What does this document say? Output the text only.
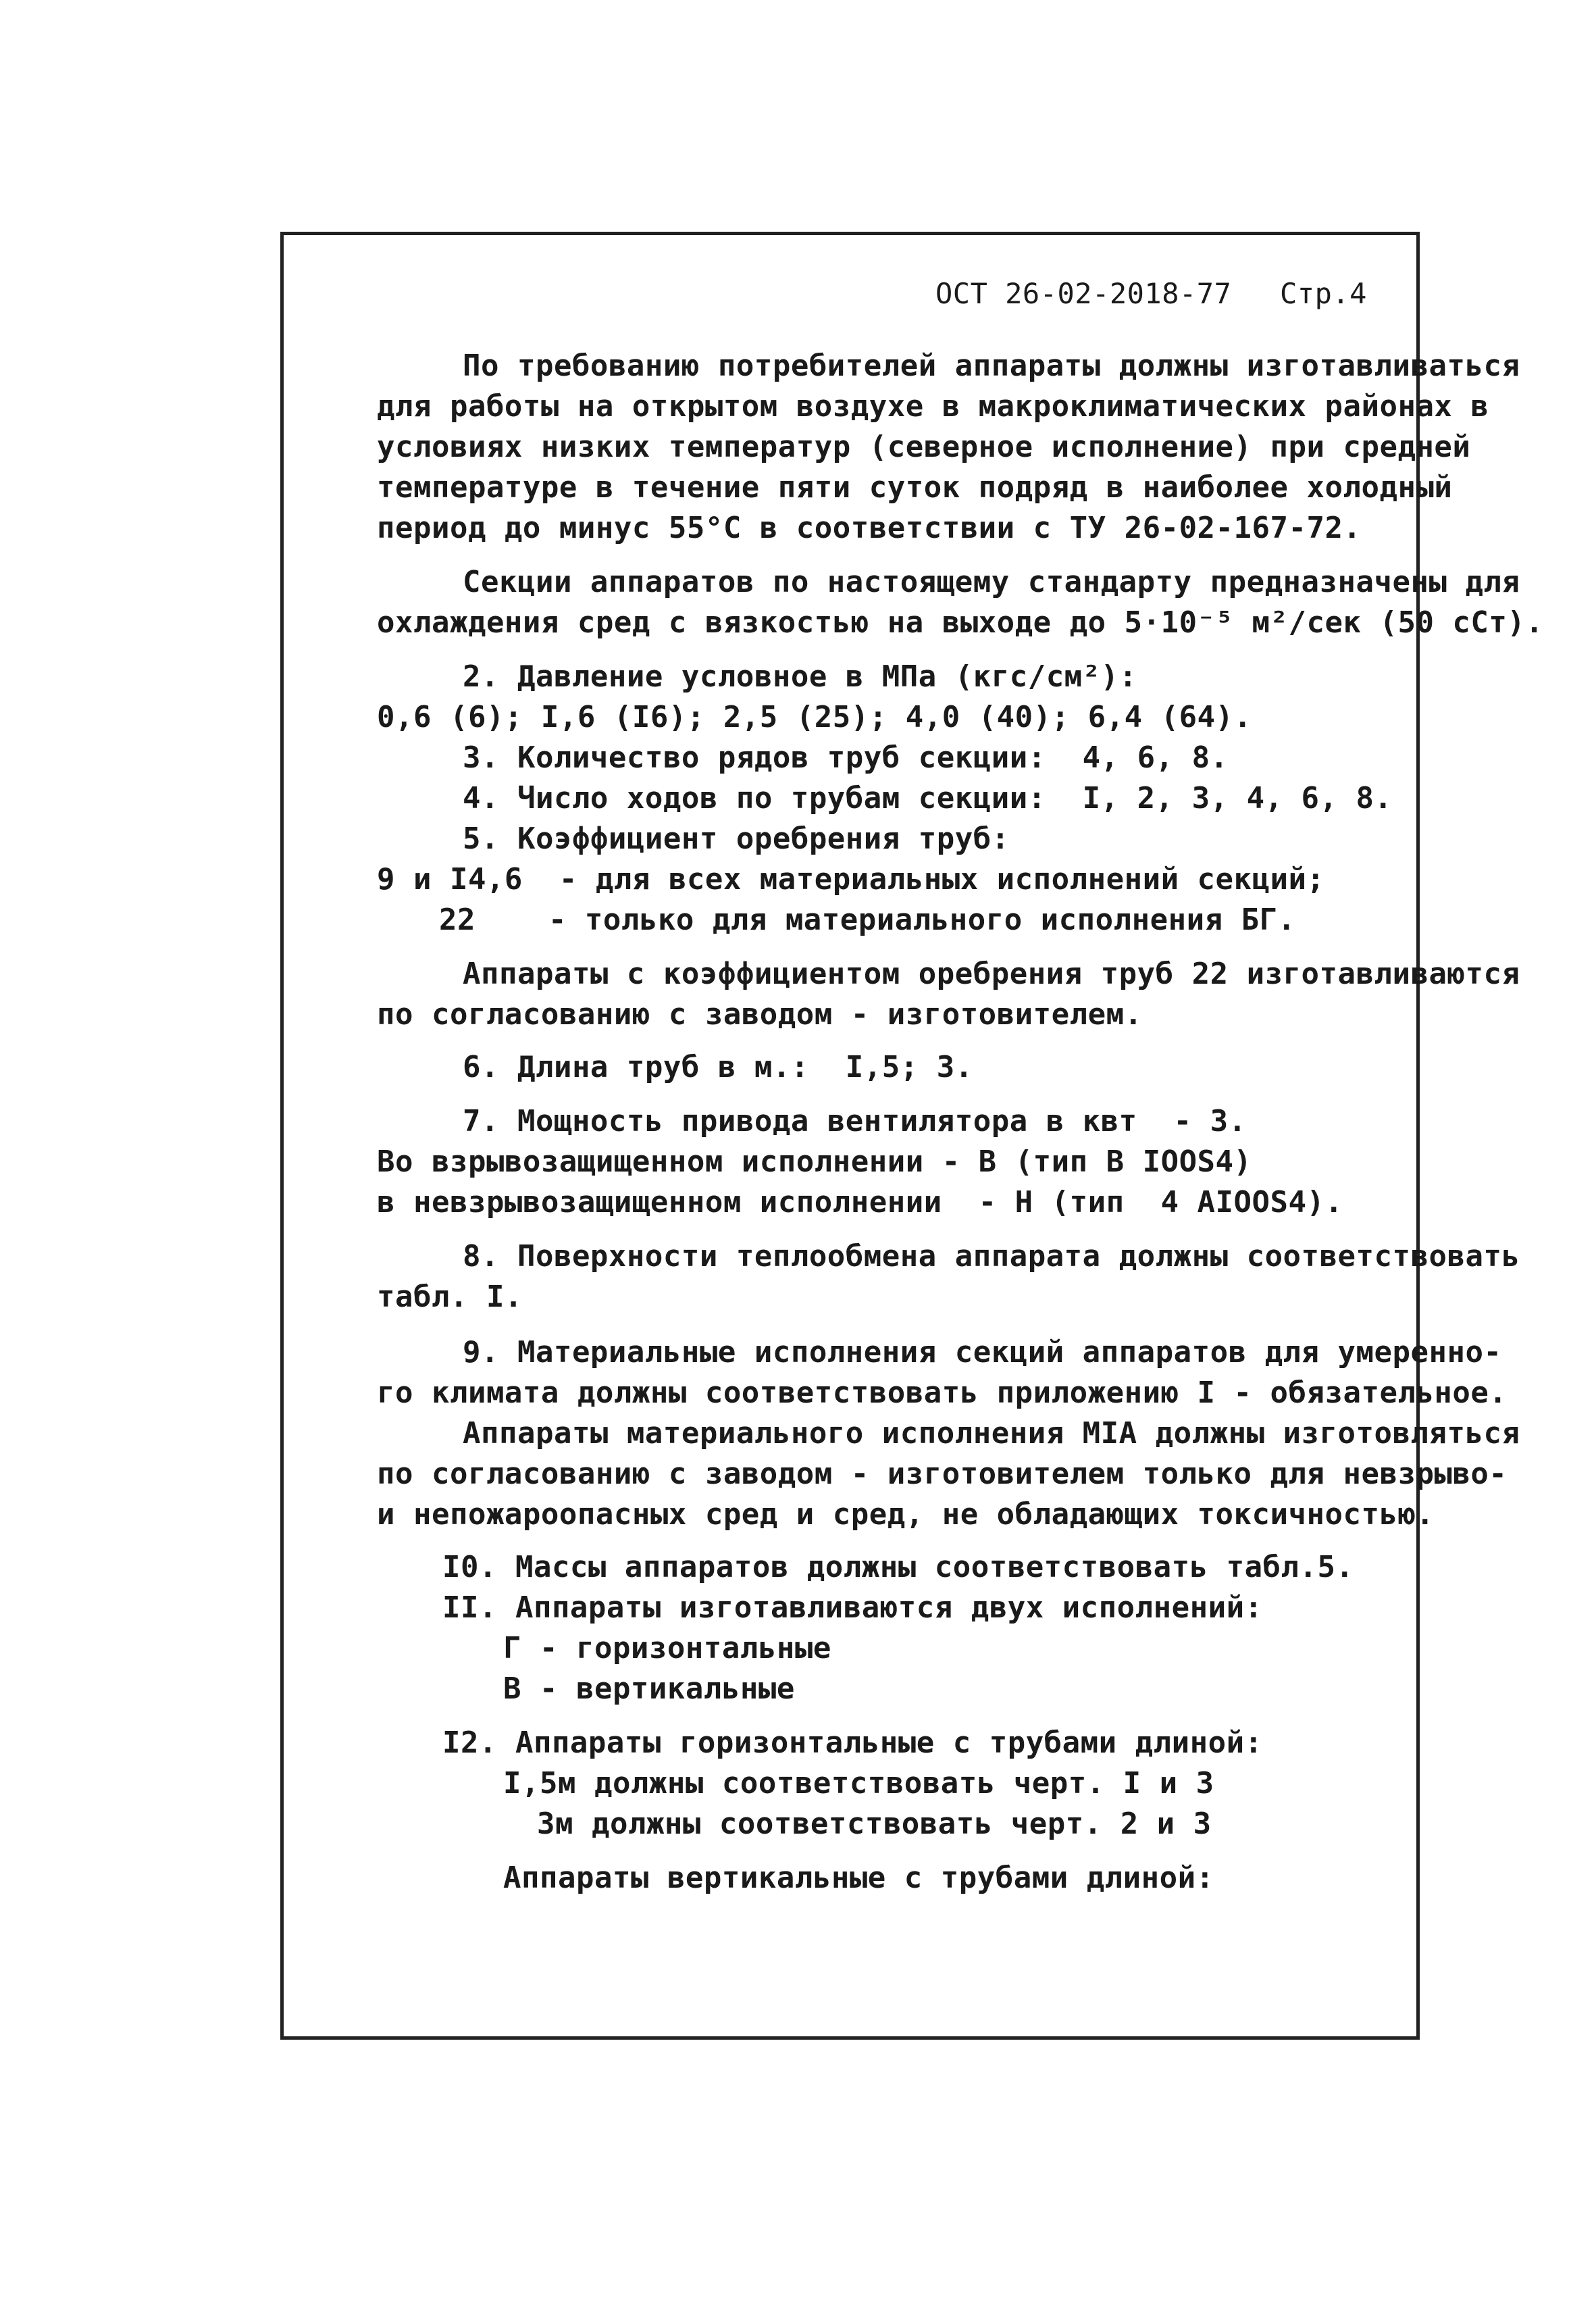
ОСТ 26-02-2018-77 Стр.4
По требованию потребителей аппараты должны изготавливаться
для работы на открытом воздухе в макроклиматических районах в
условиях низких температур (северное исполнение) при средней
температуре в течение пяти суток подряд в наиболее холодный
период до минус 55°С в соответствии с ТУ 26-02-167-72.
Секции аппаратов по настоящему стандарту предназначены для
охлаждения сред с вязкостью на выходе до 5·10⁻⁵ м²/сек (50 сСт).
2. Давление условное в МПа (кгс/см²):
0,6 (6); I,6 (I6); 2,5 (25); 4,0 (40); 6,4 (64).
3. Количество рядов труб секции:  4, 6, 8.
4. Число ходов по трубам секции:  I, 2, 3, 4, 6, 8.
5. Коэффициент оребрения труб:
9 и I4,6  - для всех материальных исполнений секций;
22    - только для материального исполнения БГ.
Аппараты с коэффициентом оребрения труб 22 изготавливаются
по согласованию с заводом - изготовителем.
6. Длина труб в м.:  I,5; 3.
7. Мощность привода вентилятора в квт  - 3.
Во взрывозащищенном исполнении - В (тип В IOOS4)
в невзрывозащищенном исполнении  - Н (тип  4 AIOOS4).
8. Поверхности теплообмена аппарата должны соответствовать
табл. I.
9. Материальные исполнения секций аппаратов для умеренно-
го климата должны соответствовать приложению I - обязательное.
Аппараты материального исполнения МIА должны изготовляться
по согласованию с заводом - изготовителем только для невзрыво-
и непожароопасных сред и сред, не обладающих токсичностью.
I0. Массы аппаратов должны соответствовать табл.5.
II. Аппараты изготавливаются двух исполнений:
Г - горизонтальные
В - вертикальные
I2. Аппараты горизонтальные с трубами длиной:
I,5м должны соответствовать черт. I и 3
3м должны соответствовать черт. 2 и 3
Аппараты вертикальные с трубами длиной:
